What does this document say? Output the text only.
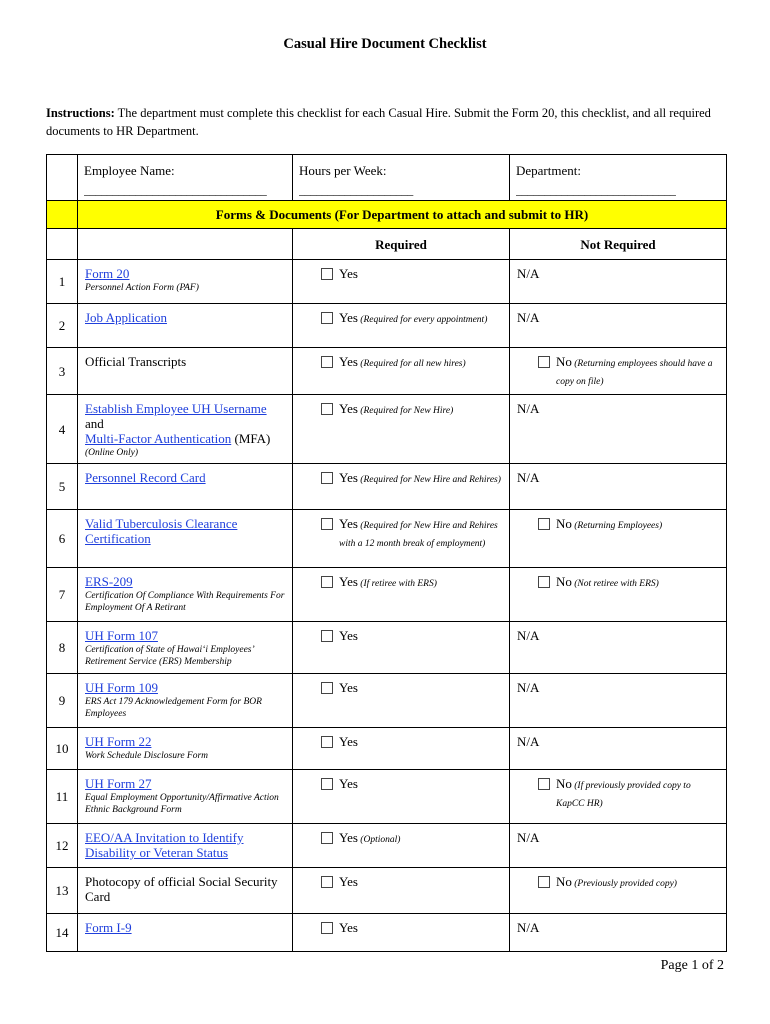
Casual Hire Document Checklist
Instructions: The department must complete this checklist for each Casual Hire. Submit the Form 20, this checklist, and all required documents to HR Department.
	Employee Name:
________________________________	Hours per Week:
____________________	Department:
____________________________

	Forms & Documents (For Department to attach and submit to HR)		
		Required	Not Required
1	Form 20
Personnel Action Form (PAF)	Yes	N/A
2	Job Application	Yes (Required for every appointment)	N/A
3	Official Transcripts	Yes (Required for all new hires)	No (Returning employees should have a copy on file)

4	Establish Employee UH Username and
Multi-Factor Authentication (MFA)
(Online Only)	Yes (Required for New Hire)	N/A
5	Personnel Record Card	Yes (Required for New Hire and Rehires)	N/A
6	Valid Tuberculosis Clearance Certification	Yes (Required for New Hire and Rehires with a 12 month break of employment)	No (Returning Employees)

7	ERS-209
Certification Of Compliance With Requirements For Employment Of A Retirant	Yes (If retiree with ERS)	No (Not retiree with ERS)

8	UH Form 107
Certification of State of Hawai‘i Employees’ Retirement Service (ERS) Membership	Yes	N/A
9	UH Form 109
ERS Act 179 Acknowledgement Form for BOR Employees	Yes	N/A
10	UH Form 22
Work Schedule Disclosure Form	Yes	N/A
11	UH Form 27
Equal Employment Opportunity/Affirmative Action Ethnic Background Form	Yes	No (If previously provided copy to KapCC HR)

12	EEO/AA Invitation to Identify Disability or Veteran Status	Yes (Optional)	N/A
13	Photocopy of official Social Security Card	Yes	No (Previously provided copy)

14	Form I-9	Yes	N/A
Page 1 of 2
